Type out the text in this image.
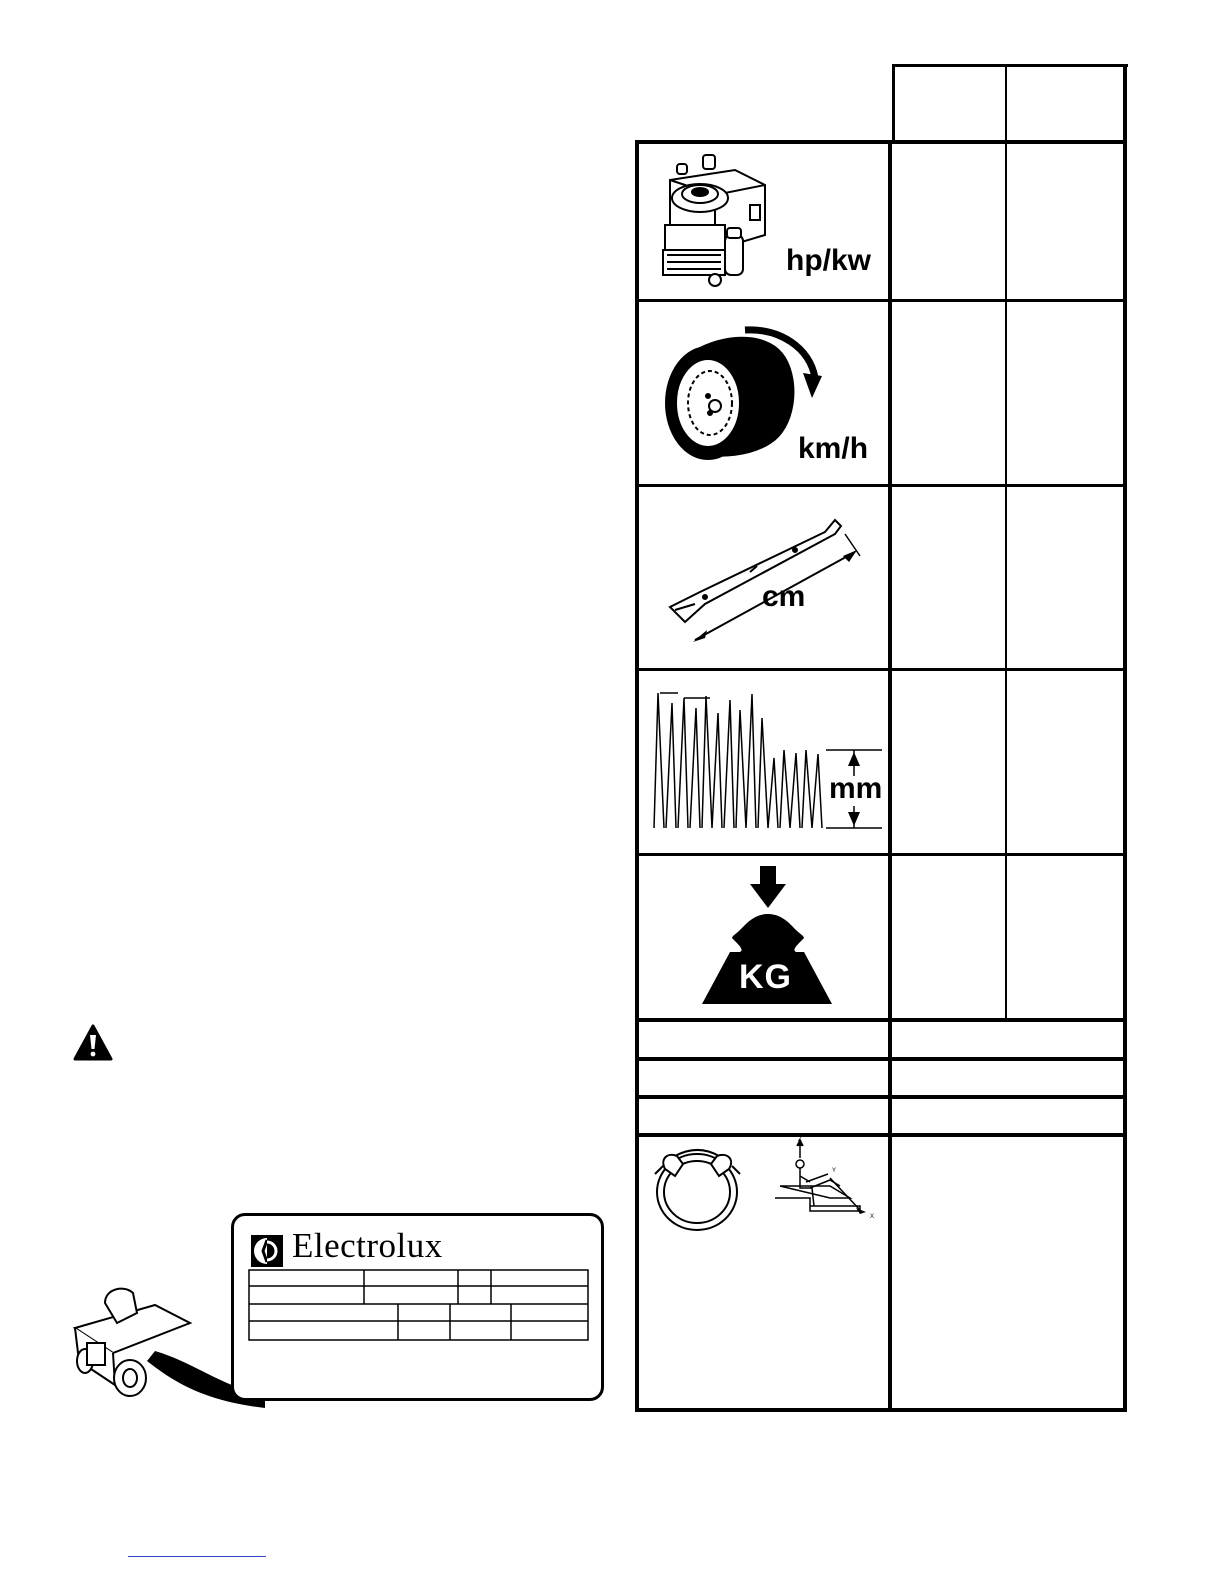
hp/kw
km/h
cm
mm
KG
Z
Y
X
Electrolux
